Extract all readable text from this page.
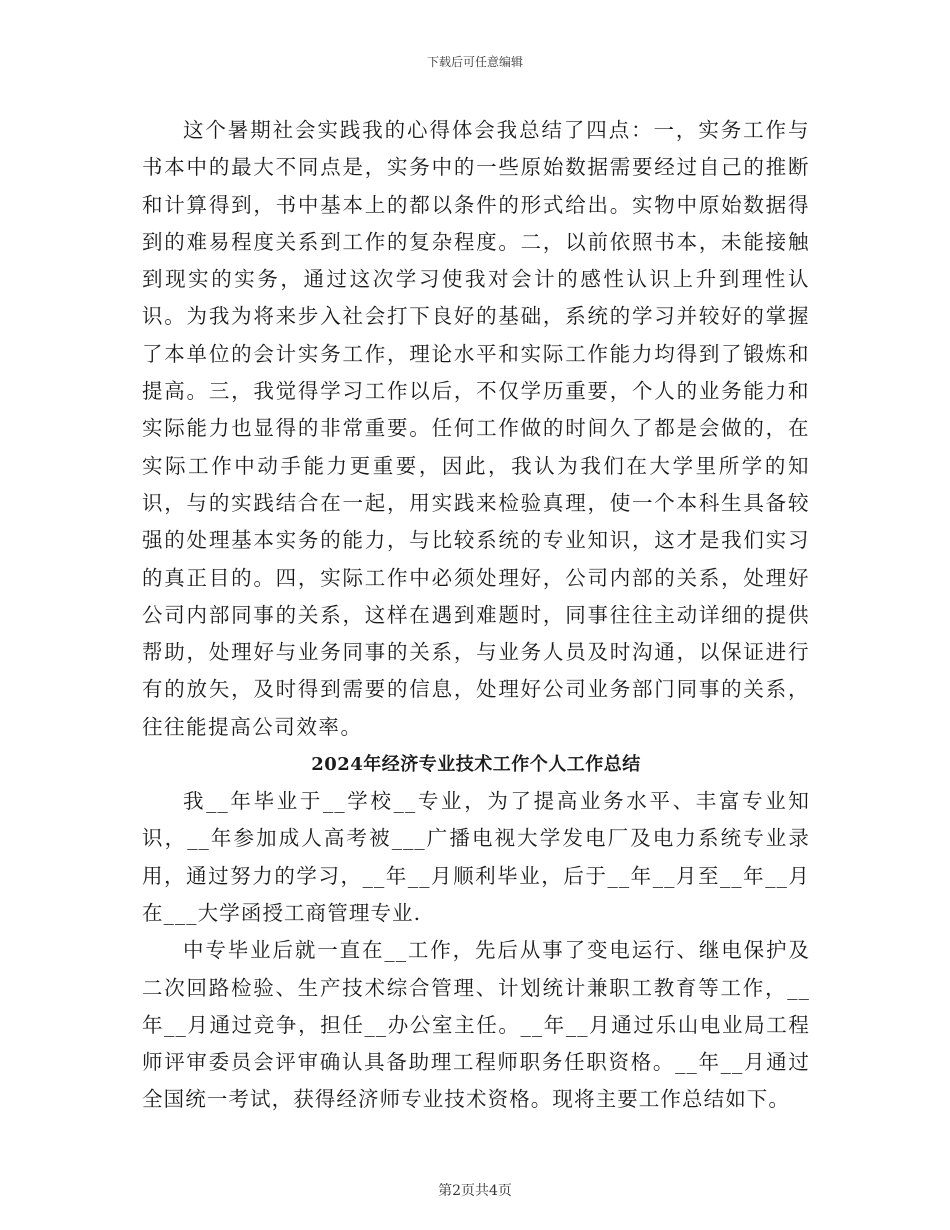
下载后可任意编辑

这个暑期社会实践我的心得体会我总结了四点：一，实务工作与书本中的最大不同点是，实务中的一些原始数据需要经过自己的推断和计算得到，书中基本上的都以条件的形式给出。实物中原始数据得到的难易程度关系到工作的复杂程度。二，以前依照书本，未能接触到现实的实务，通过这次学习使我对会计的感性认识上升到理性认识。为我为将来步入社会打下良好的基础，系统的学习并较好的掌握了本单位的会计实务工作，理论水平和实际工作能力均得到了锻炼和提高。三，我觉得学习工作以后，不仅学历重要，个人的业务能力和实际能力也显得的非常重要。任何工作做的时间久了都是会做的，在实际工作中动手能力更重要，因此，我认为我们在大学里所学的知识，与的实践结合在一起，用实践来检验真理，使一个本科生具备较强的处理基本实务的能力，与比较系统的专业知识，这才是我们实习的真正目的。四，实际工作中必须处理好，公司内部的关系，处理好公司内部同事的关系，这样在遇到难题时，同事往往主动详细的提供帮助，处理好与业务同事的关系，与业务人员及时沟通，以保证进行有的放矢，及时得到需要的信息，处理好公司业务部门同事的关系，往往能提高公司效率。

2024年经济专业技术工作个人工作总结

我__年毕业于__学校__专业，为了提高业务水平、丰富专业知识，__年参加成人高考被___广播电视大学发电厂及电力系统专业录用，通过努力的学习，__年__月顺利毕业，后于__年__月至__年__月在___大学函授工商管理专业.

中专毕业后就一直在__工作，先后从事了变电运行、继电保护及二次回路检验、生产技术综合管理、计划统计兼职工教育等工作，__年__月通过竞争，担任__办公室主任。__年__月通过乐山电业局工程师评审委员会评审确认具备助理工程师职务任职资格。__年__月通过全国统一考试，获得经济师专业技术资格。现将主要工作总结如下。

第2页共4页
